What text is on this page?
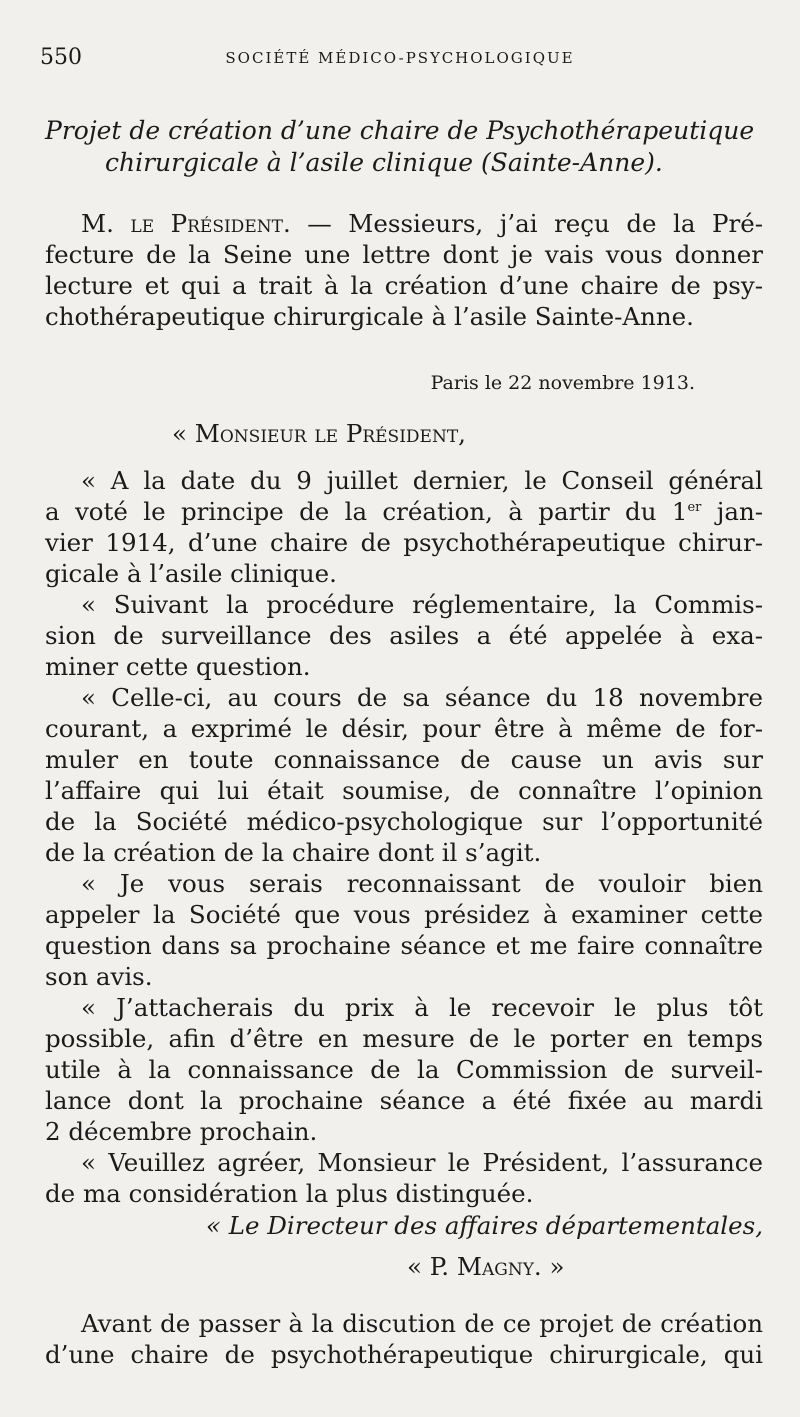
550	SOCIÉTÉ MÉDICO-PSYCHOLOGIQUE
Projet de création d’une chaire de Psychothérapeutique
chirurgicale à l’asile clinique (Sainte-Anne).
M. le Président. — Messieurs, j’ai reçu de la Pré-
fecture de la Seine une lettre dont je vais vous donner
lecture et qui a trait à la création d’une chaire de psy-
chothérapeutique chirurgicale à l’asile Sainte-Anne.
Paris le 22 novembre 1913.
« Monsieur le Président,
« A la date du 9 juillet dernier, le Conseil général
a voté le principe de la création, à partir du 1er jan-
vier 1914, d’une chaire de psychothérapeutique chirur-
gicale à l’asile clinique.
« Suivant la procédure réglementaire, la Commis-
sion de surveillance des asiles a été appelée à exa-
miner cette question.
« Celle-ci, au cours de sa séance du 18 novembre
courant, a exprimé le désir, pour être à même de for-
muler en toute connaissance de cause un avis sur
l’affaire qui lui était soumise, de connaître l’opinion
de la Société médico-psychologique sur l’opportunité
de la création de la chaire dont il s’agit.
« Je vous serais reconnaissant de vouloir bien
appeler la Société que vous présidez à examiner cette
question dans sa prochaine séance et me faire connaître
son avis.
« J’attacherais du prix à le recevoir le plus tôt
possible, afin d’être en mesure de le porter en temps
utile à la connaissance de la Commission de surveil-
lance dont la prochaine séance a été fixée au mardi
2 décembre prochain.
« Veuillez agréer, Monsieur le Président, l’assurance
de ma considération la plus distinguée.
« Le Directeur des affaires départementales,
« P. Magny. »
Avant de passer à la discution de ce projet de création
d’une chaire de psychothérapeutique chirurgicale, qui
